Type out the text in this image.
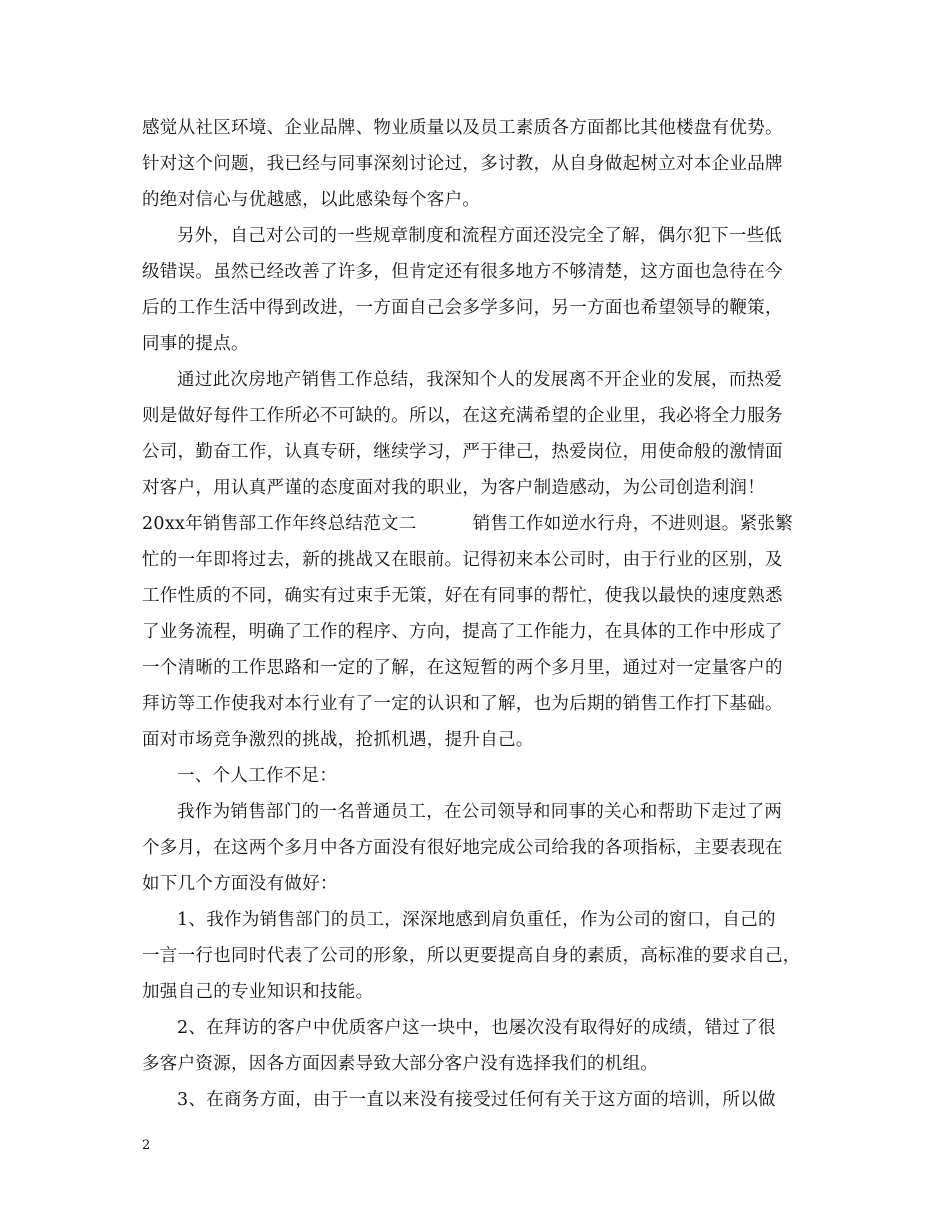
感觉从社区环境、企业品牌、物业质量以及员工素质各方面都比其他楼盘有优势。
针对这个问题，我已经与同事深刻讨论过，多讨教，从自身做起树立对本企业品牌
的绝对信心与优越感，以此感染每个客户。
另外，自己对公司的一些规章制度和流程方面还没完全了解，偶尔犯下一些低
级错误。虽然已经改善了许多，但肯定还有很多地方不够清楚，这方面也急待在今
后的工作生活中得到改进，一方面自己会多学多问，另一方面也希望领导的鞭策，
同事的提点。
通过此次房地产销售工作总结，我深知个人的发展离不开企业的发展，而热爱
则是做好每件工作所必不可缺的。所以，在这充满希望的企业里，我必将全力服务
公司，勤奋工作，认真专研，继续学习，严于律己，热爱岗位，用使命般的激情面
对客户，用认真严谨的态度面对我的职业，为客户制造感动，为公司创造利润！
20xx年销售部工作年终总结范文二	销售工作如逆水行舟，不进则退。紧张繁
忙的一年即将过去，新的挑战又在眼前。记得初来本公司时，由于行业的区别，及
工作性质的不同，确实有过束手无策，好在有同事的帮忙，使我以最快的速度熟悉
了业务流程，明确了工作的程序、方向，提高了工作能力，在具体的工作中形成了
一个清晰的工作思路和一定的了解，在这短暂的两个多月里，通过对一定量客户的
拜访等工作使我对本行业有了一定的认识和了解，也为后期的销售工作打下基础。
面对市场竞争激烈的挑战，抢抓机遇，提升自己。
一、个人工作不足：
我作为销售部门的一名普通员工，在公司领导和同事的关心和帮助下走过了两
个多月，在这两个多月中各方面没有很好地完成公司给我的各项指标，主要表现在
如下几个方面没有做好：
1、我作为销售部门的员工，深深地感到肩负重任，作为公司的窗口，自己的
一言一行也同时代表了公司的形象，所以更要提高自身的素质，高标准的要求自己，
加强自己的专业知识和技能。
2、在拜访的客户中优质客户这一块中，也屡次没有取得好的成绩，错过了很
多客户资源，因各方面因素导致大部分客户没有选择我们的机组。
3、在商务方面，由于一直以来没有接受过任何有关于这方面的培训，所以做
2
